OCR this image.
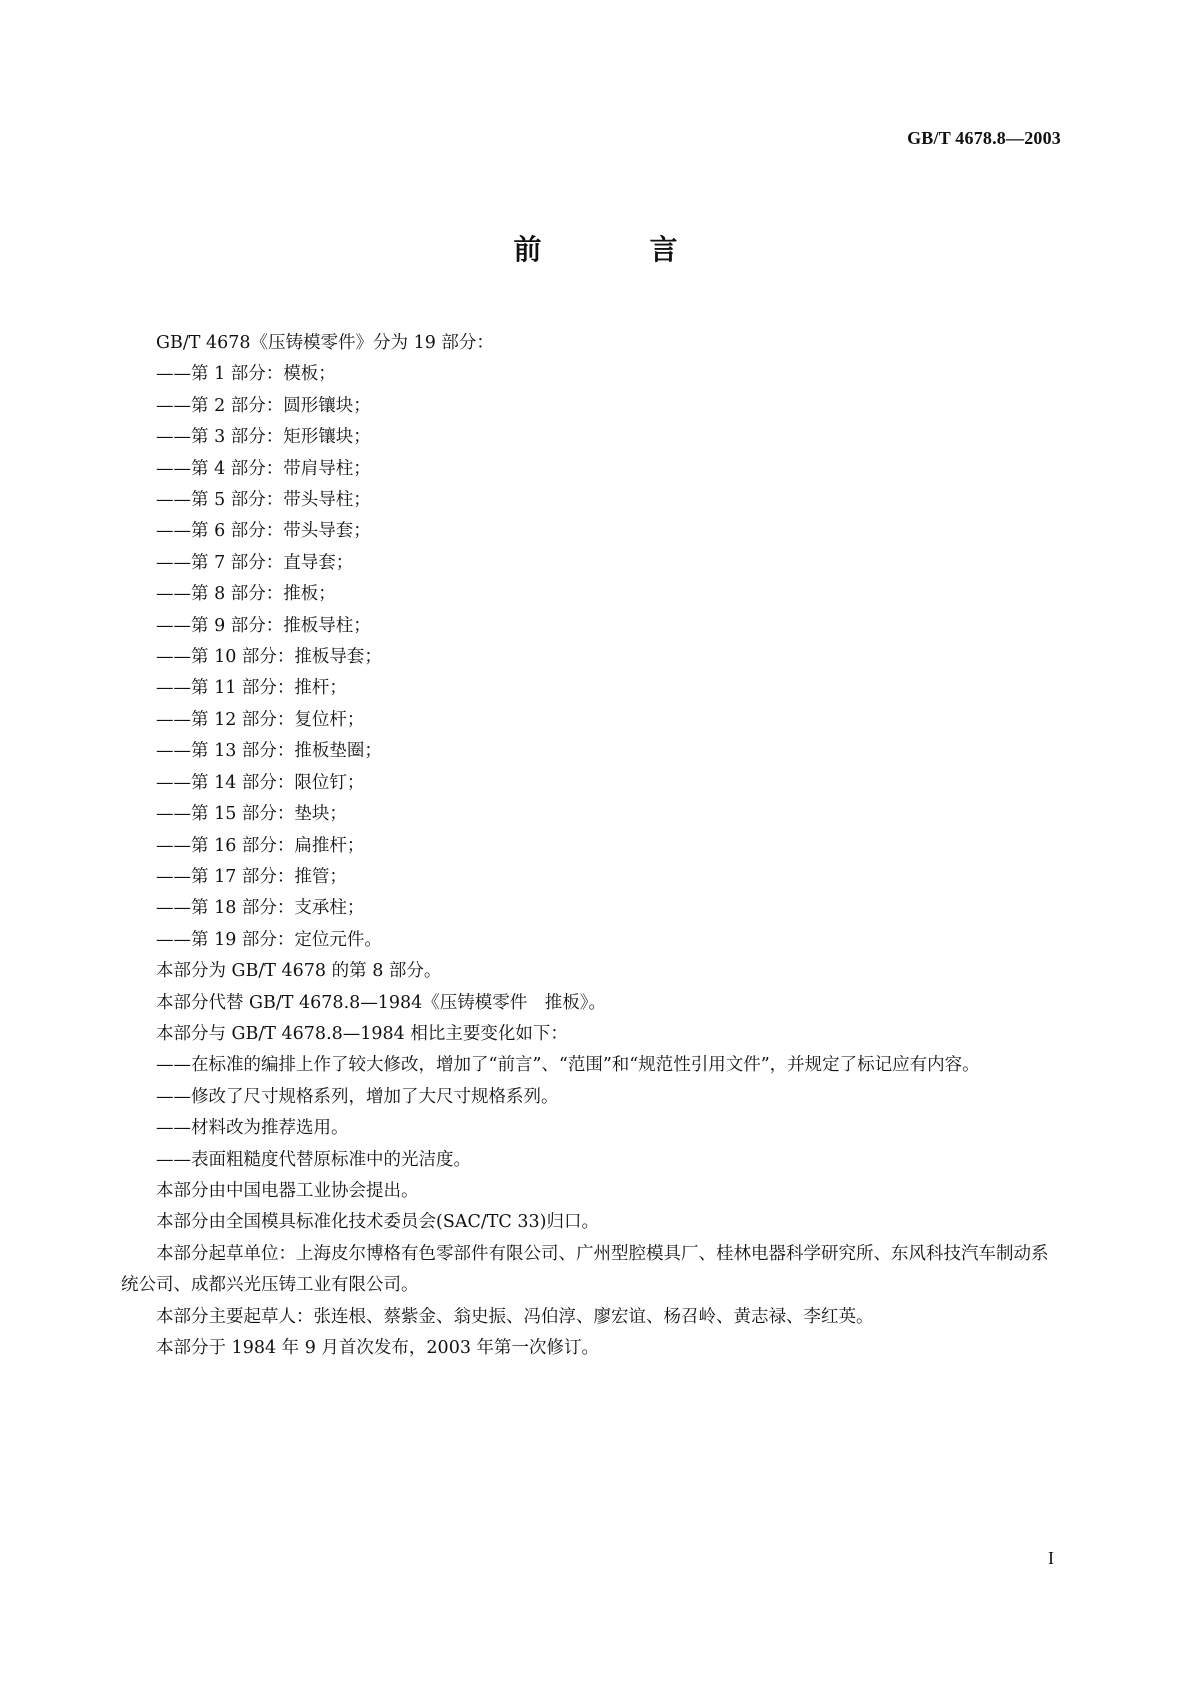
GB/T 4678.8—2003
前　言

GB/T 4678《压铸模零件》分为 19 部分：

——第 1 部分：模板；

——第 2 部分：圆形镶块；

——第 3 部分：矩形镶块；

——第 4 部分：带肩导柱；

——第 5 部分：带头导柱；

——第 6 部分：带头导套；

——第 7 部分：直导套；

——第 8 部分：推板；

——第 9 部分：推板导柱；

——第 10 部分：推板导套；

——第 11 部分：推杆；

——第 12 部分：复位杆；

——第 13 部分：推板垫圈；

——第 14 部分：限位钉；

——第 15 部分：垫块；

——第 16 部分：扁推杆；

——第 17 部分：推管；

——第 18 部分：支承柱；

——第 19 部分：定位元件。

本部分为 GB/T 4678 的第 8 部分。

本部分代替 GB/T 4678.8—1984《压铸模零件　推板》。

本部分与 GB/T 4678.8—1984 相比主要变化如下：

——在标准的编排上作了较大修改，增加了“前言”、“范围”和“规范性引用文件”，并规定了标记应有内容。

——修改了尺寸规格系列，增加了大尺寸规格系列。

——材料改为推荐选用。

——表面粗糙度代替原标准中的光洁度。

本部分由中国电器工业协会提出。

本部分由全国模具标准化技术委员会(SAC/TC 33)归口。

本部分起草单位：上海皮尔博格有色零部件有限公司、广州型腔模具厂、桂林电器科学研究所、东风科技汽车制动系统公司、成都兴光压铸工业有限公司。

本部分主要起草人：张连根、蔡紫金、翁史振、冯伯淳、廖宏谊、杨召岭、黄志禄、李红英。

本部分于 1984 年 9 月首次发布，2003 年第一次修订。

I
